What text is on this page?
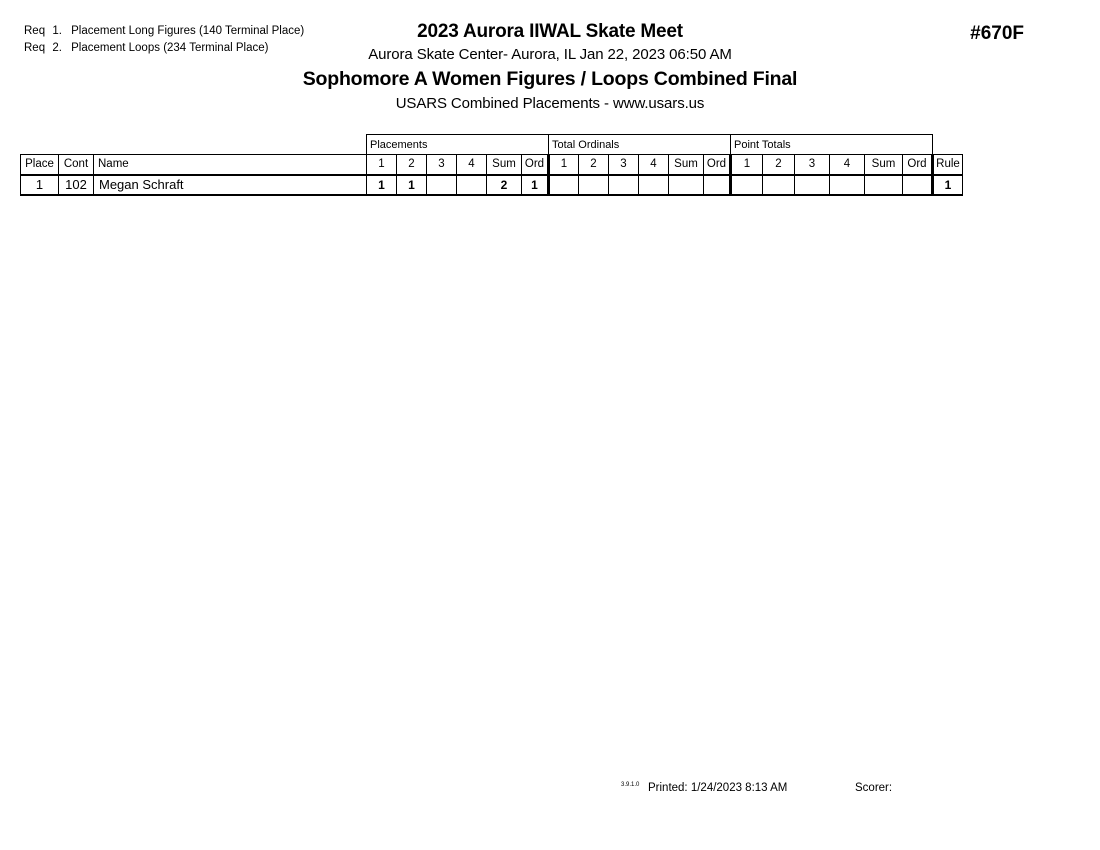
Req 1. Placement Long Figures (140 Terminal Place)
Req 2. Placement Loops (234 Terminal Place)
2023 Aurora IIWAL Skate Meet
Aurora Skate Center- Aurora, IL Jan 22, 2023 06:50 AM
Sophomore A Women Figures / Loops Combined Final
USARS Combined Placements - www.usars.us
#670F
			Placements						Total Ordinals						Point Totals						
Place	Cont	Name	1	2	3	4	Sum	Ord	1	2	3	4	Sum	Ord	1	2	3	4	Sum	Ord	Rule
1	102	Megan Schraft	1	1			2	1													1
3.9.1.0 Printed: 1/24/2023 8:13 AM	Scorer:
